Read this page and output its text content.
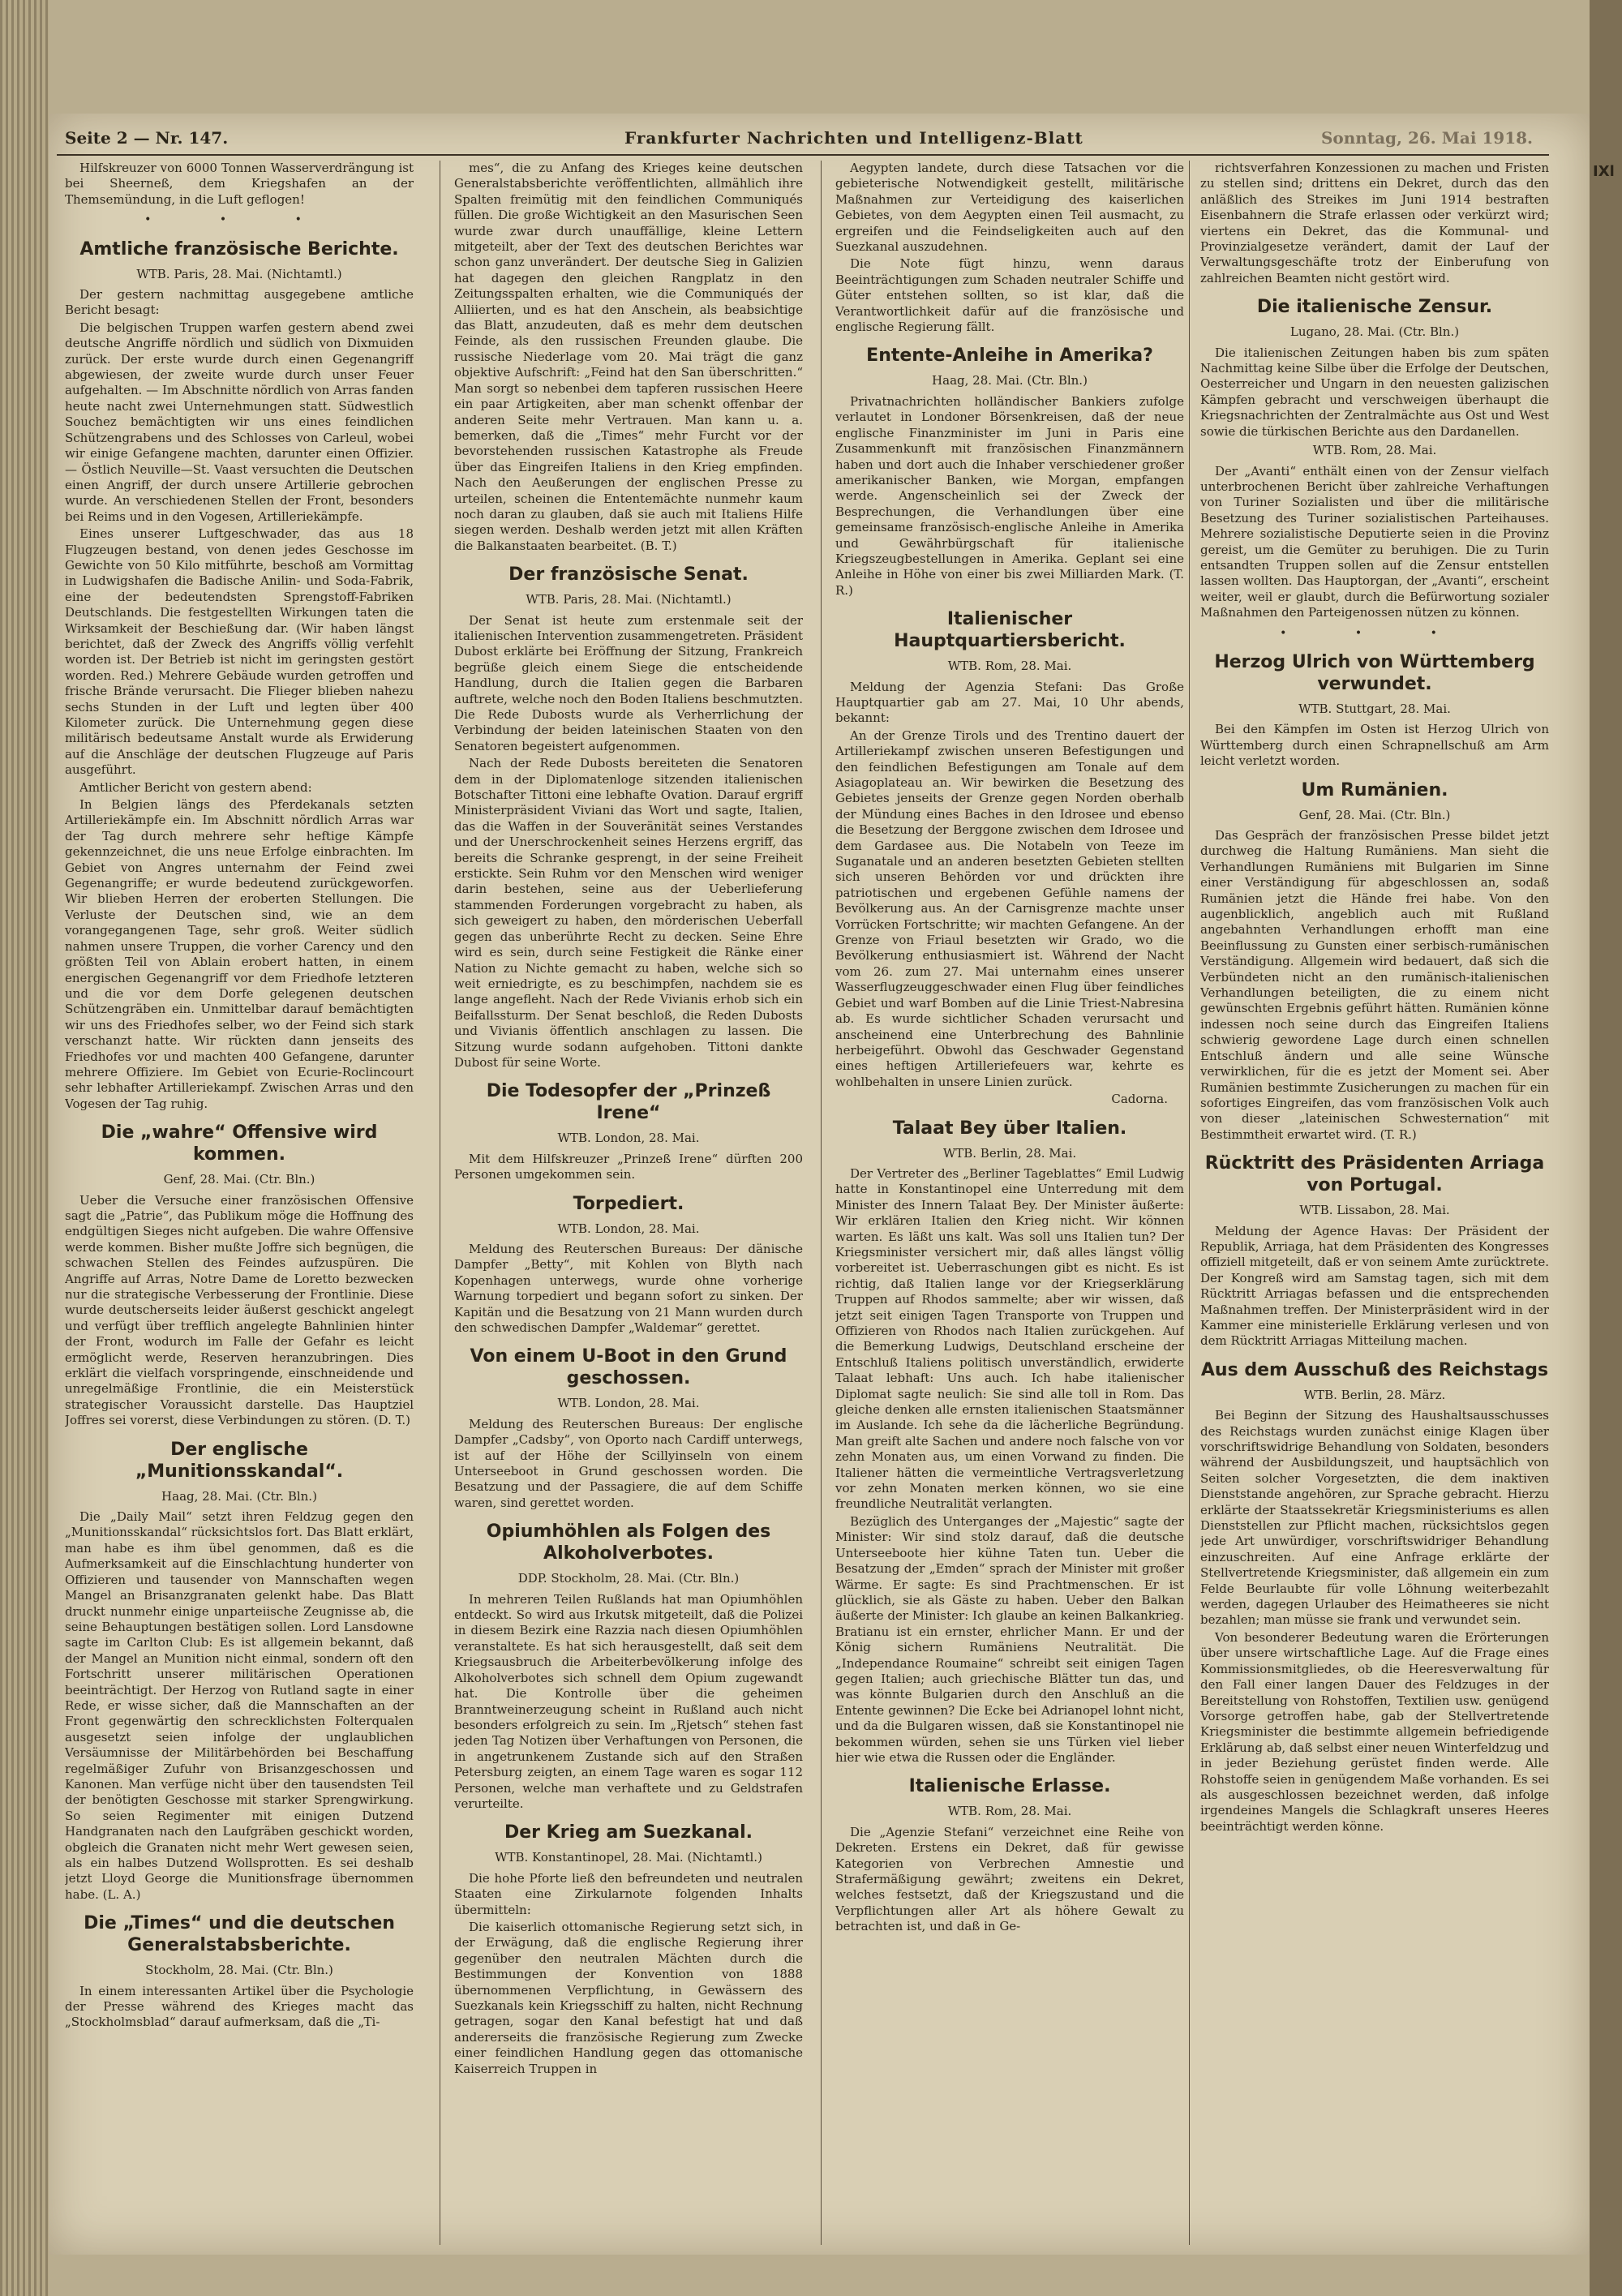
Seite 2 — Nr. 147.	Frankfurter Nachrichten und Intelligenz-Blatt	Sonntag, 26. Mai 1918.
IXl

Hilfskreuzer von 6000 Tonnen Wasserverdrängung ist bei Sheerneß, dem Kriegshafen an der Themsemündung, in die Luft geflogen!

• • •
Amtliche französische Berichte.
WTB. Paris, 28. Mai. (Nichtamtl.)

Der gestern nachmittag ausgegebene amtliche Bericht besagt:

Die belgischen Truppen warfen gestern abend zwei deutsche Angriffe nördlich und südlich von Dixmuiden zurück. Der erste wurde durch einen Gegenangriff abgewiesen, der zweite wurde durch unser Feuer aufgehalten. — Im Abschnitte nördlich von Arras fanden heute nacht zwei Unternehmungen statt. Südwestlich Souchez bemächtigten wir uns eines feindlichen Schützengrabens und des Schlosses von Carleul, wobei wir einige Gefangene machten, darunter einen Offizier. — Östlich Neuville—St. Vaast versuchten die Deutschen einen Angriff, der durch unsere Artillerie gebrochen wurde. An verschiedenen Stellen der Front, besonders bei Reims und in den Vogesen, Artilleriekämpfe.

Eines unserer Luftgeschwader, das aus 18 Flugzeugen bestand, von denen jedes Geschosse im Gewichte von 50 Kilo mitführte, beschoß am Vormittag in Ludwigshafen die Badische Anilin- und Soda-Fabrik, eine der bedeutendsten Sprengstoff-Fabriken Deutschlands. Die festgestellten Wirkungen taten die Wirksamkeit der Beschießung dar. (Wir haben längst berichtet, daß der Zweck des Angriffs völlig verfehlt worden ist. Der Betrieb ist nicht im geringsten gestört worden. Red.) Mehrere Gebäude wurden getroffen und frische Brände verursacht. Die Flieger blieben nahezu sechs Stunden in der Luft und legten über 400 Kilometer zurück. Die Unternehmung gegen diese militärisch bedeutsame Anstalt wurde als Erwiderung auf die Anschläge der deutschen Flugzeuge auf Paris ausgeführt.

Amtlicher Bericht von gestern abend:

In Belgien längs des Pferdekanals setzten Artilleriekämpfe ein. Im Abschnitt nördlich Arras war der Tag durch mehrere sehr heftige Kämpfe gekennzeichnet, die uns neue Erfolge einbrachten. Im Gebiet von Angres unternahm der Feind zwei Gegenangriffe; er wurde bedeutend zurückgeworfen. Wir blieben Herren der eroberten Stellungen. Die Verluste der Deutschen sind, wie an dem vorangegangenen Tage, sehr groß. Weiter südlich nahmen unsere Truppen, die vorher Carency und den größten Teil von Ablain erobert hatten, in einem energischen Gegenangriff vor dem Friedhofe letzteren und die vor dem Dorfe gelegenen deutschen Schützengräben ein. Unmittelbar darauf bemächtigten wir uns des Friedhofes selber, wo der Feind sich stark verschanzt hatte. Wir rückten dann jenseits des Friedhofes vor und machten 400 Gefangene, darunter mehrere Offiziere. Im Gebiet von Ecurie-Roclincourt sehr lebhafter Artilleriekampf. Zwischen Arras und den Vogesen der Tag ruhig.

Die „wahre“ Offensive wird kommen.
Genf, 28. Mai. (Ctr. Bln.)

Ueber die Versuche einer französischen Offensive sagt die „Patrie“, das Publikum möge die Hoffnung des endgültigen Sieges nicht aufgeben. Die wahre Offensive werde kommen. Bisher mußte Joffre sich begnügen, die schwachen Stellen des Feindes aufzuspüren. Die Angriffe auf Arras, Notre Dame de Loretto bezwecken nur die strategische Verbesserung der Frontlinie. Diese wurde deutscherseits leider äußerst geschickt angelegt und verfügt über trefflich angelegte Bahnlinien hinter der Front, wodurch im Falle der Gefahr es leicht ermöglicht werde, Reserven heranzubringen. Dies erklärt die vielfach vorspringende, einschneidende und unregelmäßige Frontlinie, die ein Meisterstück strategischer Voraussicht darstelle. Das Hauptziel Joffres sei vorerst, diese Verbindungen zu stören. (D. T.)

Der englische „Munitionsskandal“.
Haag, 28. Mai. (Ctr. Bln.)

Die „Daily Mail“ setzt ihren Feldzug gegen den „Munitionsskandal“ rücksichtslos fort. Das Blatt erklärt, man habe es ihm übel genommen, daß es die Aufmerksamkeit auf die Einschlachtung hunderter von Offizieren und tausender von Mannschaften wegen Mangel an Brisanzgranaten gelenkt habe. Das Blatt druckt nunmehr einige unparteiische Zeugnisse ab, die seine Behauptungen bestätigen sollen. Lord Lansdowne sagte im Carlton Club: Es ist allgemein bekannt, daß der Mangel an Munition nicht einmal, sondern oft den Fortschritt unserer militärischen Operationen beeinträchtigt. Der Herzog von Rutland sagte in einer Rede, er wisse sicher, daß die Mannschaften an der Front gegenwärtig den schrecklichsten Folterqualen ausgesetzt seien infolge der unglaublichen Versäumnisse der Militärbehörden bei Beschaffung regelmäßiger Zufuhr von Brisanzgeschossen und Kanonen. Man verfüge nicht über den tausendsten Teil der benötigten Geschosse mit starker Sprengwirkung. So seien Regimenter mit einigen Dutzend Handgranaten nach den Laufgräben geschickt worden, obgleich die Granaten nicht mehr Wert gewesen seien, als ein halbes Dutzend Wollsprotten. Es sei deshalb jetzt Lloyd George die Munitionsfrage übernommen habe. (L. A.)

Die „Times“ und die deutschen Generalstabsberichte.
Stockholm, 28. Mai. (Ctr. Bln.)

In einem interessanten Artikel über die Psychologie der Presse während des Krieges macht das „Stockholmsblad“ darauf aufmerksam, daß die „Ti-

mes“, die zu Anfang des Krieges keine deutschen Generalstabsberichte veröffentlichten, allmählich ihre Spalten freimütig mit den feindlichen Communiqués füllen. Die große Wichtigkeit an den Masurischen Seen wurde zwar durch unauffällige, kleine Lettern mitgeteilt, aber der Text des deutschen Berichtes war schon ganz unverändert. Der deutsche Sieg in Galizien hat dagegen den gleichen Rangplatz in den Zeitungsspalten erhalten, wie die Communiqués der Alliierten, und es hat den Anschein, als beabsichtige das Blatt, anzudeuten, daß es mehr dem deutschen Feinde, als den russischen Freunden glaube. Die russische Niederlage vom 20. Mai trägt die ganz objektive Aufschrift: „Feind hat den San überschritten.“ Man sorgt so nebenbei dem tapferen russischen Heere ein paar Artigkeiten, aber man schenkt offenbar der anderen Seite mehr Vertrauen. Man kann u. a. bemerken, daß die „Times“ mehr Furcht vor der bevorstehenden russischen Katastrophe als Freude über das Eingreifen Italiens in den Krieg empfinden. Nach den Aeußerungen der englischen Presse zu urteilen, scheinen die Ententemächte nunmehr kaum noch daran zu glauben, daß sie auch mit Italiens Hilfe siegen werden. Deshalb werden jetzt mit allen Kräften die Balkanstaaten bearbeitet. (B. T.)

Der französische Senat.
WTB. Paris, 28. Mai. (Nichtamtl.)

Der Senat ist heute zum erstenmale seit der italienischen Intervention zusammengetreten. Präsident Dubost erklärte bei Eröffnung der Sitzung, Frankreich begrüße gleich einem Siege die entscheidende Handlung, durch die Italien gegen die Barbaren auftrete, welche noch den Boden Italiens beschmutzten. Die Rede Dubosts wurde als Verherrlichung der Verbindung der beiden lateinischen Staaten von den Senatoren begeistert aufgenommen.

Nach der Rede Dubosts bereiteten die Senatoren dem in der Diplomatenloge sitzenden italienischen Botschafter Tittoni eine lebhafte Ovation. Darauf ergriff Ministerpräsident Viviani das Wort und sagte, Italien, das die Waffen in der Souveränität seines Verstandes und der Unerschrockenheit seines Herzens ergriff, das bereits die Schranke gesprengt, in der seine Freiheit erstickte. Sein Ruhm vor den Menschen wird weniger darin bestehen, seine aus der Ueberlieferung stammenden Forderungen vorgebracht zu haben, als sich geweigert zu haben, den mörderischen Ueberfall gegen das unberührte Recht zu decken. Seine Ehre wird es sein, durch seine Festigkeit die Ränke einer Nation zu Nichte gemacht zu haben, welche sich so weit erniedrigte, es zu beschimpfen, nachdem sie es lange angefleht. Nach der Rede Vivianis erhob sich ein Beifallssturm. Der Senat beschloß, die Reden Dubosts und Vivianis öffentlich anschlagen zu lassen. Die Sitzung wurde sodann aufgehoben. Tittoni dankte Dubost für seine Worte.

Die Todesopfer der „Prinzeß Irene“
WTB. London, 28. Mai.

Mit dem Hilfskreuzer „Prinzeß Irene“ dürften 200 Personen umgekommen sein.

Torpediert.
WTB. London, 28. Mai.

Meldung des Reuterschen Bureaus: Der dänische Dampfer „Betty“, mit Kohlen von Blyth nach Kopenhagen unterwegs, wurde ohne vorherige Warnung torpediert und begann sofort zu sinken. Der Kapitän und die Besatzung von 21 Mann wurden durch den schwedischen Dampfer „Waldemar“ gerettet.

Von einem U-Boot in den Grund geschossen.
WTB. London, 28. Mai.

Meldung des Reuterschen Bureaus: Der englische Dampfer „Cadsby“, von Oporto nach Cardiff unterwegs, ist auf der Höhe der Scillyinseln von einem Unterseeboot in Grund geschossen worden. Die Besatzung und der Passagiere, die auf dem Schiffe waren, sind gerettet worden.

Opiumhöhlen als Folgen des Alkoholverbotes.
DDP. Stockholm, 28. Mai. (Ctr. Bln.)

In mehreren Teilen Rußlands hat man Opiumhöhlen entdeckt. So wird aus Irkutsk mitgeteilt, daß die Polizei in diesem Bezirk eine Razzia nach diesen Opiumhöhlen veranstaltete. Es hat sich herausgestellt, daß seit dem Kriegsausbruch die Arbeiterbevölkerung infolge des Alkoholverbotes sich schnell dem Opium zugewandt hat. Die Kontrolle über die geheimen Branntweinerzeugung scheint in Rußland auch nicht besonders erfolgreich zu sein. Im „Rjetsch“ stehen fast jeden Tag Notizen über Verhaftungen von Personen, die in angetrunkenem Zustande sich auf den Straßen Petersburg zeigten, an einem Tage waren es sogar 112 Personen, welche man verhaftete und zu Geldstrafen verurteilte.

Der Krieg am Suezkanal.
WTB. Konstantinopel, 28. Mai. (Nichtamtl.)

Die hohe Pforte ließ den befreundeten und neutralen Staaten eine Zirkularnote folgenden Inhalts übermitteln:

Die kaiserlich ottomanische Regierung setzt sich, in der Erwägung, daß die englische Regierung ihrer gegenüber den neutralen Mächten durch die Bestimmungen der Konvention von 1888 übernommenen Verpflichtung, in Gewässern des Suezkanals kein Kriegsschiff zu halten, nicht Rechnung getragen, sogar den Kanal befestigt hat und daß andererseits die französische Regierung zum Zwecke einer feindlichen Handlung gegen das ottomanische Kaiserreich Truppen in

Aegypten landete, durch diese Tatsachen vor die gebieterische Notwendigkeit gestellt, militärische Maßnahmen zur Verteidigung des kaiserlichen Gebietes, von dem Aegypten einen Teil ausmacht, zu ergreifen und die Feindseligkeiten auch auf den Suezkanal auszudehnen.

Die Note fügt hinzu, wenn daraus Beeinträchtigungen zum Schaden neutraler Schiffe und Güter entstehen sollten, so ist klar, daß die Verantwortlichkeit dafür auf die französische und englische Regierung fällt.

Entente-Anleihe in Amerika?
Haag, 28. Mai. (Ctr. Bln.)

Privatnachrichten holländischer Bankiers zufolge verlautet in Londoner Börsenkreisen, daß der neue englische Finanzminister im Juni in Paris eine Zusammenkunft mit französischen Finanzmännern haben und dort auch die Inhaber verschiedener großer amerikanischer Banken, wie Morgan, empfangen werde. Angenscheinlich sei der Zweck der Besprechungen, die Verhandlungen über eine gemeinsame französisch-englische Anleihe in Amerika und Gewährbürgschaft für italienische Kriegszeugbestellungen in Amerika. Geplant sei eine Anleihe in Höhe von einer bis zwei Milliarden Mark. (T. R.)

Italienischer Hauptquartiersbericht.
WTB. Rom, 28. Mai.

Meldung der Agenzia Stefani: Das Große Hauptquartier gab am 27. Mai, 10 Uhr abends, bekannt:

An der Grenze Tirols und des Trentino dauert der Artilleriekampf zwischen unseren Befestigungen und den feindlichen Befestigungen am Tonale auf dem Asiagoplateau an. Wir bewirken die Besetzung des Gebietes jenseits der Grenze gegen Norden oberhalb der Mündung eines Baches in den Idrosee und ebenso die Besetzung der Berggone zwischen dem Idrosee und dem Gardasee aus. Die Notabeln von Teeze im Suganatale und an anderen besetzten Gebieten stellten sich unseren Behörden vor und drückten ihre patriotischen und ergebenen Gefühle namens der Bevölkerung aus. An der Carnisgrenze machte unser Vorrücken Fortschritte; wir machten Gefangene. An der Grenze von Friaul besetzten wir Grado, wo die Bevölkerung enthusiasmiert ist. Während der Nacht vom 26. zum 27. Mai unternahm eines unserer Wasserflugzeuggeschwader einen Flug über feindliches Gebiet und warf Bomben auf die Linie Triest-Nabresina ab. Es wurde sichtlicher Schaden verursacht und anscheinend eine Unterbrechung des Bahnlinie herbeigeführt. Obwohl das Geschwader Gegenstand eines heftigen Artilleriefeuers war, kehrte es wohlbehalten in unsere Linien zurück.

Cadorna.
Talaat Bey über Italien.
WTB. Berlin, 28. Mai.

Der Vertreter des „Berliner Tageblattes“ Emil Ludwig hatte in Konstantinopel eine Unterredung mit dem Minister des Innern Talaat Bey. Der Minister äußerte: Wir erklären Italien den Krieg nicht. Wir können warten. Es läßt uns kalt. Was soll uns Italien tun? Der Kriegsminister versichert mir, daß alles längst völlig vorbereitet ist. Ueberraschungen gibt es nicht. Es ist richtig, daß Italien lange vor der Kriegserklärung Truppen auf Rhodos sammelte; aber wir wissen, daß jetzt seit einigen Tagen Transporte von Truppen und Offizieren von Rhodos nach Italien zurückgehen. Auf die Bemerkung Ludwigs, Deutschland erscheine der Entschluß Italiens politisch unverständlich, erwiderte Talaat lebhaft: Uns auch. Ich habe italienischer Diplomat sagte neulich: Sie sind alle toll in Rom. Das gleiche denken alle ernsten italienischen Staatsmänner im Auslande. Ich sehe da die lächerliche Begründung. Man greift alte Sachen und andere noch falsche von vor zehn Monaten aus, um einen Vorwand zu finden. Die Italiener hätten die vermeintliche Vertragsverletzung vor zehn Monaten merken können, wo sie eine freundliche Neutralität verlangten.

Bezüglich des Unterganges der „Majestic“ sagte der Minister: Wir sind stolz darauf, daß die deutsche Unterseeboote hier kühne Taten tun. Ueber die Besatzung der „Emden“ sprach der Minister mit großer Wärme. Er sagte: Es sind Prachtmenschen. Er ist glücklich, sie als Gäste zu haben. Ueber den Balkan äußerte der Minister: Ich glaube an keinen Balkankrieg. Bratianu ist ein ernster, ehrlicher Mann. Er und der König sichern Rumäniens Neutralität. Die „Independance Roumaine“ schreibt seit einigen Tagen gegen Italien; auch griechische Blätter tun das, und was könnte Bulgarien durch den Anschluß an die Entente gewinnen? Die Ecke bei Adrianopel lohnt nicht, und da die Bulgaren wissen, daß sie Konstantinopel nie bekommen würden, sehen sie uns Türken viel lieber hier wie etwa die Russen oder die Engländer.

Italienische Erlasse.
WTB. Rom, 28. Mai.

Die „Agenzie Stefani“ verzeichnet eine Reihe von Dekreten. Erstens ein Dekret, daß für gewisse Kategorien von Verbrechen Amnestie und Strafermäßigung gewährt; zweitens ein Dekret, welches festsetzt, daß der Kriegszustand und die Verpflichtungen aller Art als höhere Gewalt zu betrachten ist, und daß in Ge-

richtsverfahren Konzessionen zu machen und Fristen zu stellen sind; drittens ein Dekret, durch das den anläßlich des Streikes im Juni 1914 bestraften Eisenbahnern die Strafe erlassen oder verkürzt wird; viertens ein Dekret, das die Kommunal- und Provinzialgesetze verändert, damit der Lauf der Verwaltungsgeschäfte trotz der Einberufung von zahlreichen Beamten nicht gestört wird.

Die italienische Zensur.
Lugano, 28. Mai. (Ctr. Bln.)

Die italienischen Zeitungen haben bis zum späten Nachmittag keine Silbe über die Erfolge der Deutschen, Oesterreicher und Ungarn in den neuesten galizischen Kämpfen gebracht und verschweigen überhaupt die Kriegsnachrichten der Zentralmächte aus Ost und West sowie die türkischen Berichte aus den Dardanellen.

WTB. Rom, 28. Mai.

Der „Avanti“ enthält einen von der Zensur vielfach unterbrochenen Bericht über zahlreiche Verhaftungen von Turiner Sozialisten und über die militärische Besetzung des Turiner sozialistischen Parteihauses. Mehrere sozialistische Deputierte seien in die Provinz gereist, um die Gemüter zu beruhigen. Die zu Turin entsandten Truppen sollen auf die Zensur entstellen lassen wollten. Das Hauptorgan, der „Avanti“, erscheint weiter, weil er glaubt, durch die Befürwortung sozialer Maßnahmen den Parteigenossen nützen zu können.

• • •
Herzog Ulrich von Württemberg verwundet.
WTB. Stuttgart, 28. Mai.

Bei den Kämpfen im Osten ist Herzog Ulrich von Württemberg durch einen Schrapnellschuß am Arm leicht verletzt worden.

Um Rumänien.
Genf, 28. Mai. (Ctr. Bln.)

Das Gespräch der französischen Presse bildet jetzt durchweg die Haltung Rumäniens. Man sieht die Verhandlungen Rumäniens mit Bulgarien im Sinne einer Verständigung für abgeschlossen an, sodaß Rumänien jetzt die Hände frei habe. Von den augenblicklich, angeblich auch mit Rußland angebahnten Verhandlungen erhofft man eine Beeinflussung zu Gunsten einer serbisch-rumänischen Verständigung. Allgemein wird bedauert, daß sich die Verbündeten nicht an den rumänisch-italienischen Verhandlungen beteiligten, die zu einem nicht gewünschten Ergebnis geführt hätten. Rumänien könne indessen noch seine durch das Eingreifen Italiens schwierig gewordene Lage durch einen schnellen Entschluß ändern und alle seine Wünsche verwirklichen, für die es jetzt der Moment sei. Aber Rumänien bestimmte Zusicherungen zu machen für ein sofortiges Eingreifen, das vom französischen Volk auch von dieser „lateinischen Schwesternation“ mit Bestimmtheit erwartet wird. (T. R.)

Rücktritt des Präsidenten Arriaga von Portugal.
WTB. Lissabon, 28. Mai.

Meldung der Agence Havas: Der Präsident der Republik, Arriaga, hat dem Präsidenten des Kongresses offiziell mitgeteilt, daß er von seinem Amte zurücktrete. Der Kongreß wird am Samstag tagen, sich mit dem Rücktritt Arriagas befassen und die entsprechenden Maßnahmen treffen. Der Ministerpräsident wird in der Kammer eine ministerielle Erklärung verlesen und von dem Rücktritt Arriagas Mitteilung machen.

Aus dem Ausschuß des Reichstags
WTB. Berlin, 28. März.

Bei Beginn der Sitzung des Haushaltsausschusses des Reichstags wurden zunächst einige Klagen über vorschriftswidrige Behandlung von Soldaten, besonders während der Ausbildungszeit, und hauptsächlich von Seiten solcher Vorgesetzten, die dem inaktiven Dienststande angehören, zur Sprache gebracht. Hierzu erklärte der Staatssekretär Kriegsministeriums es allen Dienststellen zur Pflicht machen, rücksichtslos gegen jede Art unwürdiger, vorschriftswidriger Behandlung einzuschreiten. Auf eine Anfrage erklärte der Stellvertretende Kriegsminister, daß allgemein ein zum Felde Beurlaubte für volle Löhnung weiterbezahlt werden, dagegen Urlauber des Heimatheeres sie nicht bezahlen; man müsse sie frank und verwundet sein.

Von besonderer Bedeutung waren die Erörterungen über unsere wirtschaftliche Lage. Auf die Frage eines Kommissionsmitgliedes, ob die Heeresverwaltung für den Fall einer langen Dauer des Feldzuges in der Bereitstellung von Rohstoffen, Textilien usw. genügend Vorsorge getroffen habe, gab der Stellvertretende Kriegsminister die bestimmte allgemein befriedigende Erklärung ab, daß selbst einer neuen Winterfeldzug und in jeder Beziehung gerüstet finden werde. Alle Rohstoffe seien in genügendem Maße vorhanden. Es sei als ausgeschlossen bezeichnet werden, daß infolge irgendeines Mangels die Schlagkraft unseres Heeres beeinträchtigt werden könne.
